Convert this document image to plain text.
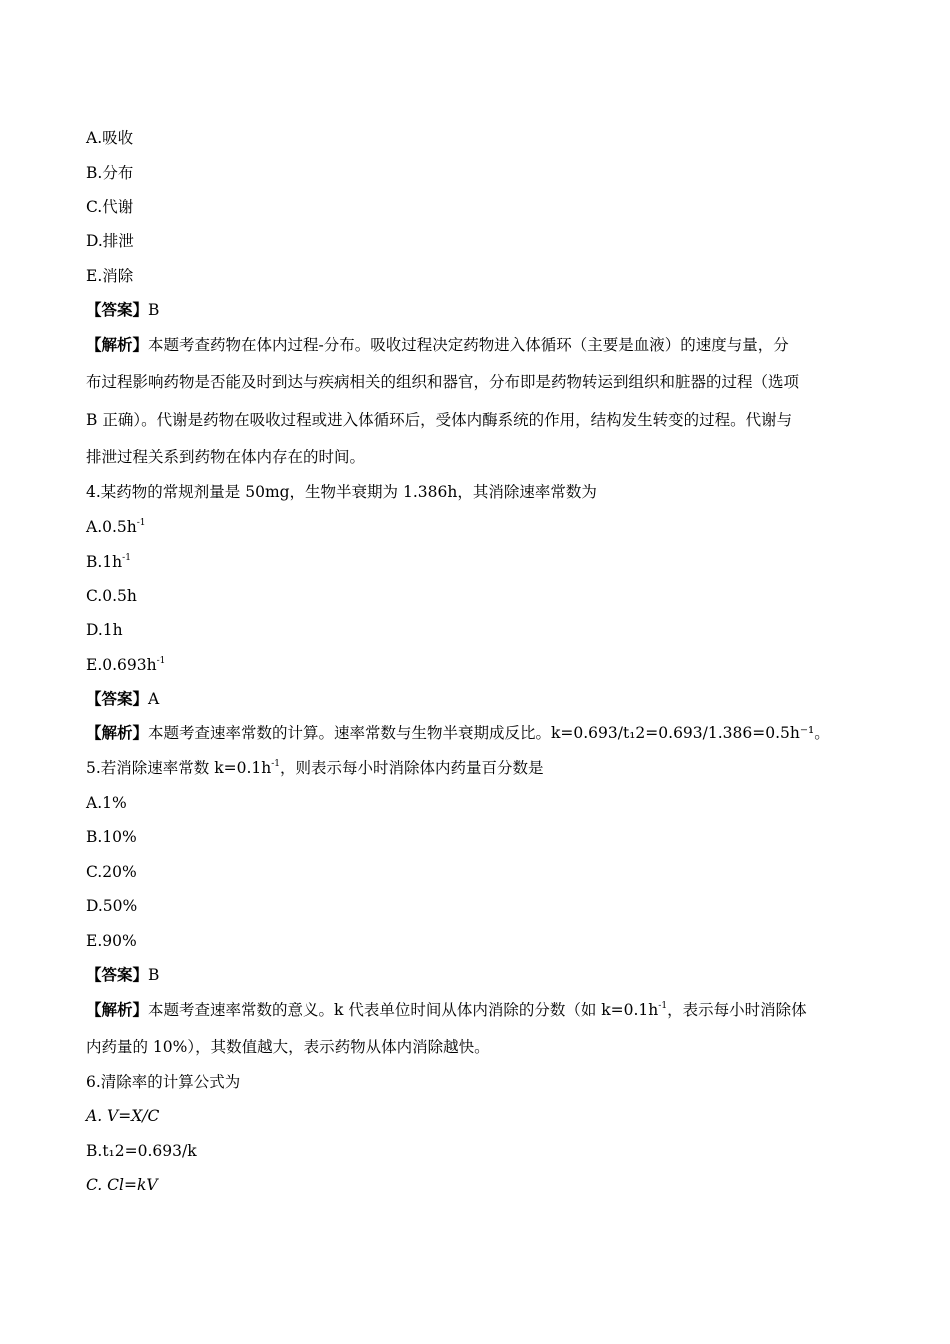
A.吸收
B.分布
C.代谢
D.排泄
E.消除
【答案】B
【解析】本题考查药物在体内过程-分布。吸收过程决定药物进入体循环（主要是血液）的速度与量，分
布过程影响药物是否能及时到达与疾病相关的组织和器官，分布即是药物转运到组织和脏器的过程（选项
B 正确）。代谢是药物在吸收过程或进入体循环后，受体内酶系统的作用，结构发生转变的过程。代谢与
排泄过程关系到药物在体内存在的时间。
4.某药物的常规剂量是 50mg，生物半衰期为 1.386h，其消除速率常数为
$A.0.5h^{-1}$
$B.1h^{-1}$
C.0.5h
D.1h
$E.0.693h^{-1}$
【答案】A
【解析】本题考查速率常数的计算。速率常数与生物半衰期成反比。k=0.693/t₁2=0.693/1.386=0.5h⁻¹。
5.若消除速率常数 $k=0.1h^{-1}$，则表示每小时消除体内药量百分数是
A.1%
B.10%
C.20%
D.50%
E.90%
【答案】B
【解析】本题考查速率常数的意义。k 代表单位时间从体内消除的分数（如 $k=0.1h^{-1}$，表示每小时消除体
内药量的 10%），其数值越大，表示药物从体内消除越快。
6.清除率的计算公式为
A. V=X/C
B.t₁2=0.693/k
C. Cl=kV
